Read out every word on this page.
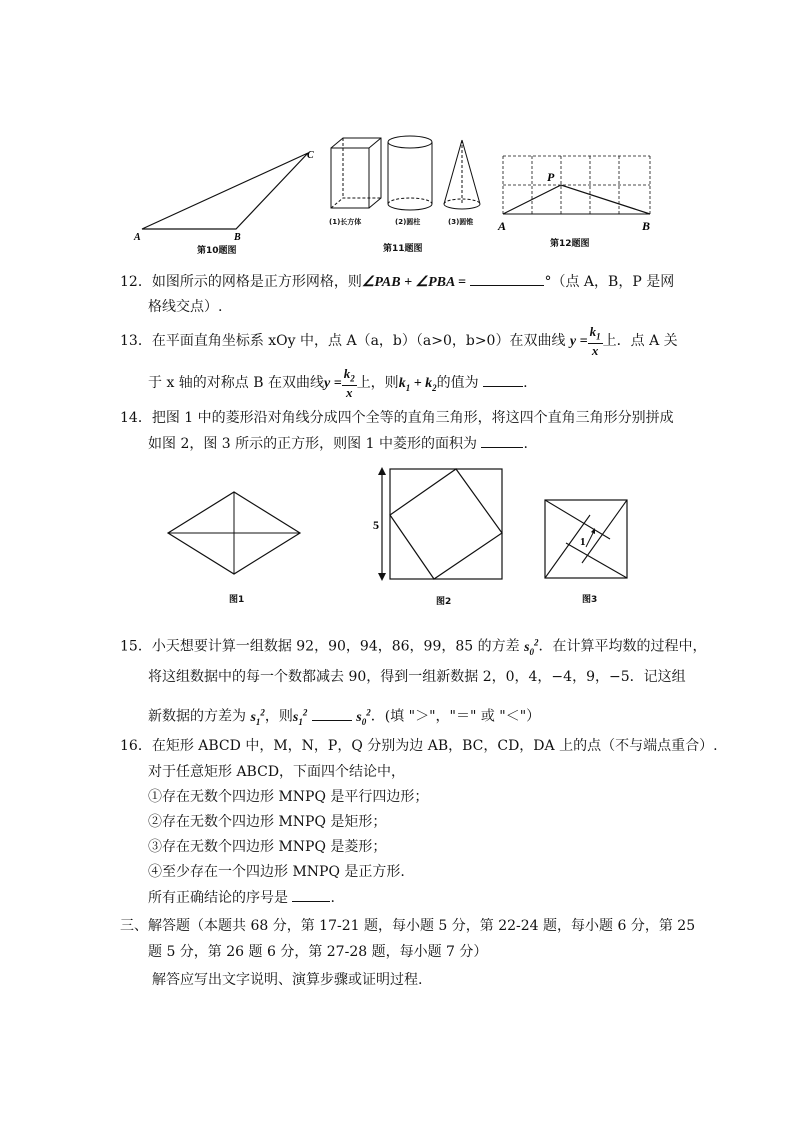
A	B
C
第10题图
(1)长方体	(2)圆柱	(3)圆锥
第11题图
P
A	B
第12题图
12．如图所示的网格是正方形网格，则∠PAB + ∠PBA =	°（点 A，B，P 是网
格线交点）.
13．在平面直角坐标系 xOy 中，点 A（a，b）（a>0，b>0）在双曲线 $y = \frac{k_1}{x}$ 上．点 A 关
于 x 轴的对称点 B 在双曲线$y = \frac{k_2}{x}$ 上，则$k_1 + k_2$的值为	.
14．把图 1 中的菱形沿对角线分成四个全等的直角三角形，将这四个直角三角形分别拼成
如图 2，图 3 所示的正方形，则图 1 中菱形的面积为	.
图1
5
图2
1
图3
15．小天想要计算一组数据 92，90，94，86，99，85 的方差 $s_0^2$．在计算平均数的过程中，
将这组数据中的每一个数都减去 90，得到一组新数据 2，0，4，−4，9，−5．记这组
新数据的方差为 $s_1^2$，则$s_1^2$	$s_0^2$．(填 "＞"，"＝" 或 "＜"）
16．在矩形 ABCD 中，M，N，P，Q 分别为边 AB，BC，CD，DA 上的点（不与端点重合）.
对于任意矩形 ABCD，下面四个结论中，
①存在无数个四边形 MNPQ 是平行四边形；
②存在无数个四边形 MNPQ 是矩形；
③存在无数个四边形 MNPQ 是菱形；
④至少存在一个四边形 MNPQ 是正方形.
所有正确结论的序号是	.
三、解答题（本题共 68 分，第 17-21 题，每小题 5 分，第 22-24 题，每小题 6 分，第 25
题 5 分，第 26 题 6 分，第 27-28 题，每小题 7 分）
解答应写出文字说明、演算步骤或证明过程.
